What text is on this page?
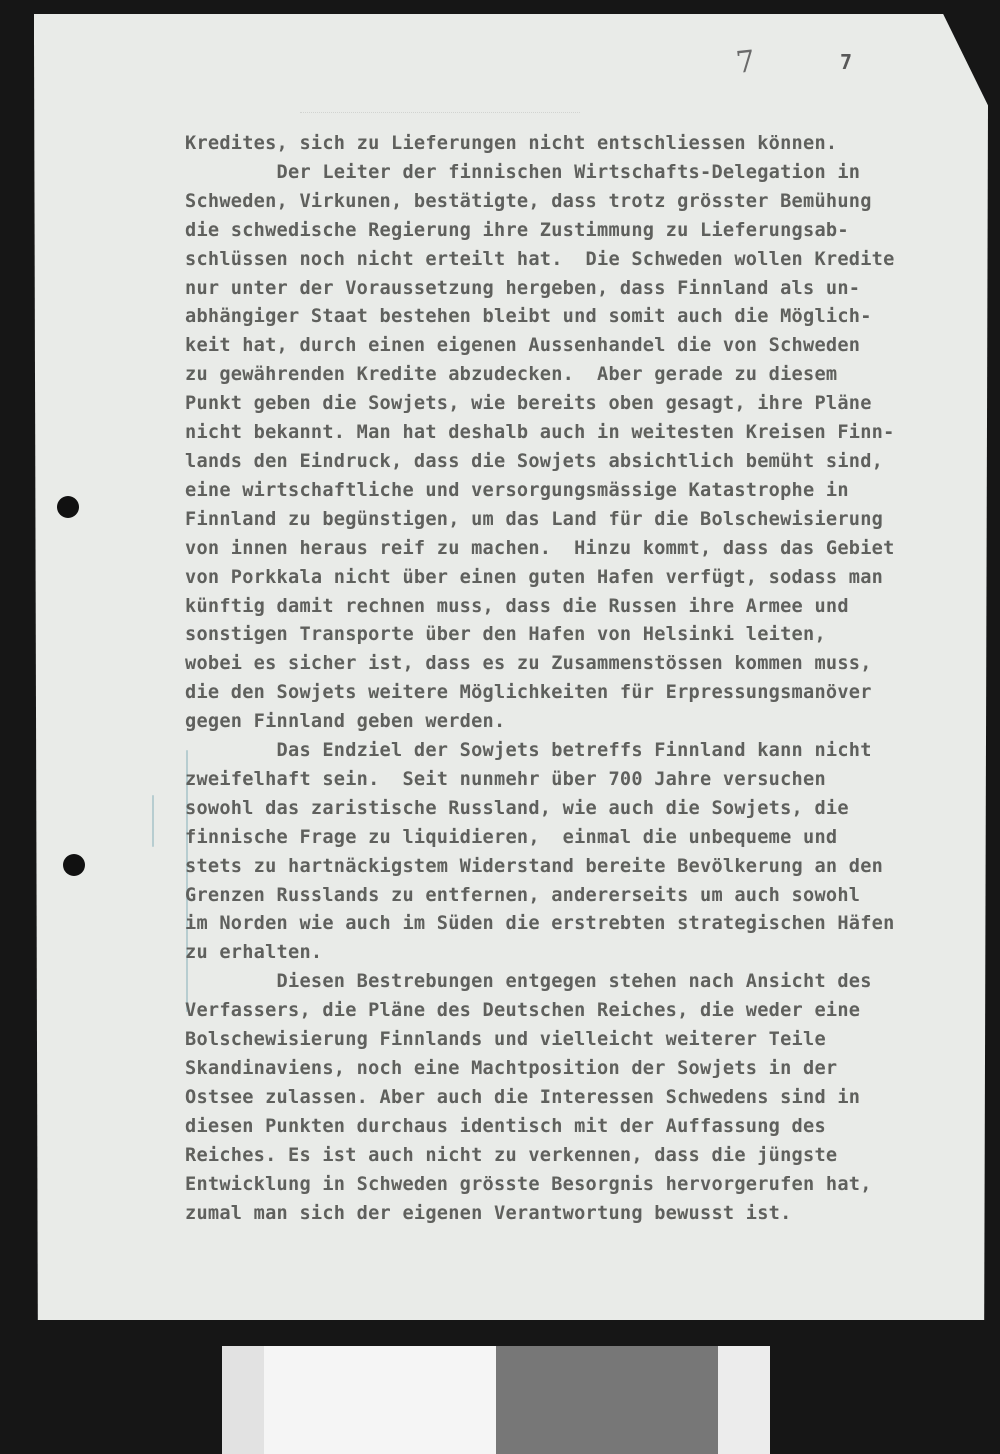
7	7
Kredites, sich zu Lieferungen nicht entschliessen können.
Der Leiter der finnischen Wirtschafts-Delegation in
Schweden, Virkunen, bestätigte, dass trotz grösster Bemühung
die schwedische Regierung ihre Zustimmung zu Lieferungsab-
schlüssen noch nicht erteilt hat.  Die Schweden wollen Kredite
nur unter der Voraussetzung hergeben, dass Finnland als un-
abhängiger Staat bestehen bleibt und somit auch die Möglich-
keit hat, durch einen eigenen Aussenhandel die von Schweden
zu gewährenden Kredite abzudecken.  Aber gerade zu diesem
Punkt geben die Sowjets, wie bereits oben gesagt, ihre Pläne
nicht bekannt. Man hat deshalb auch in weitesten Kreisen Finn-
lands den Eindruck, dass die Sowjets absichtlich bemüht sind,
eine wirtschaftliche und versorgungsmässige Katastrophe in
Finnland zu begünstigen, um das Land für die Bolschewisierung
von innen heraus reif zu machen.  Hinzu kommt, dass das Gebiet
von Porkkala nicht über einen guten Hafen verfügt, sodass man
künftig damit rechnen muss, dass die Russen ihre Armee und
sonstigen Transporte über den Hafen von Helsinki leiten,
wobei es sicher ist, dass es zu Zusammenstössen kommen muss,
die den Sowjets weitere Möglichkeiten für Erpressungsmanöver
gegen Finnland geben werden.
Das Endziel der Sowjets betreffs Finnland kann nicht
zweifelhaft sein.  Seit nunmehr über 700 Jahre versuchen
sowohl das zaristische Russland, wie auch die Sowjets, die
finnische Frage zu liquidieren,  einmal die unbequeme und
stets zu hartnäckigstem Widerstand bereite Bevölkerung an den
Grenzen Russlands zu entfernen, andererseits um auch sowohl
im Norden wie auch im Süden die erstrebten strategischen Häfen
zu erhalten.
Diesen Bestrebungen entgegen stehen nach Ansicht des
Verfassers, die Pläne des Deutschen Reiches, die weder eine
Bolschewisierung Finnlands und vielleicht weiterer Teile
Skandinaviens, noch eine Machtposition der Sowjets in der
Ostsee zulassen. Aber auch die Interessen Schwedens sind in
diesen Punkten durchaus identisch mit der Auffassung des
Reiches. Es ist auch nicht zu verkennen, dass die jüngste
Entwicklung in Schweden grösste Besorgnis hervorgerufen hat,
zumal man sich der eigenen Verantwortung bewusst ist.
